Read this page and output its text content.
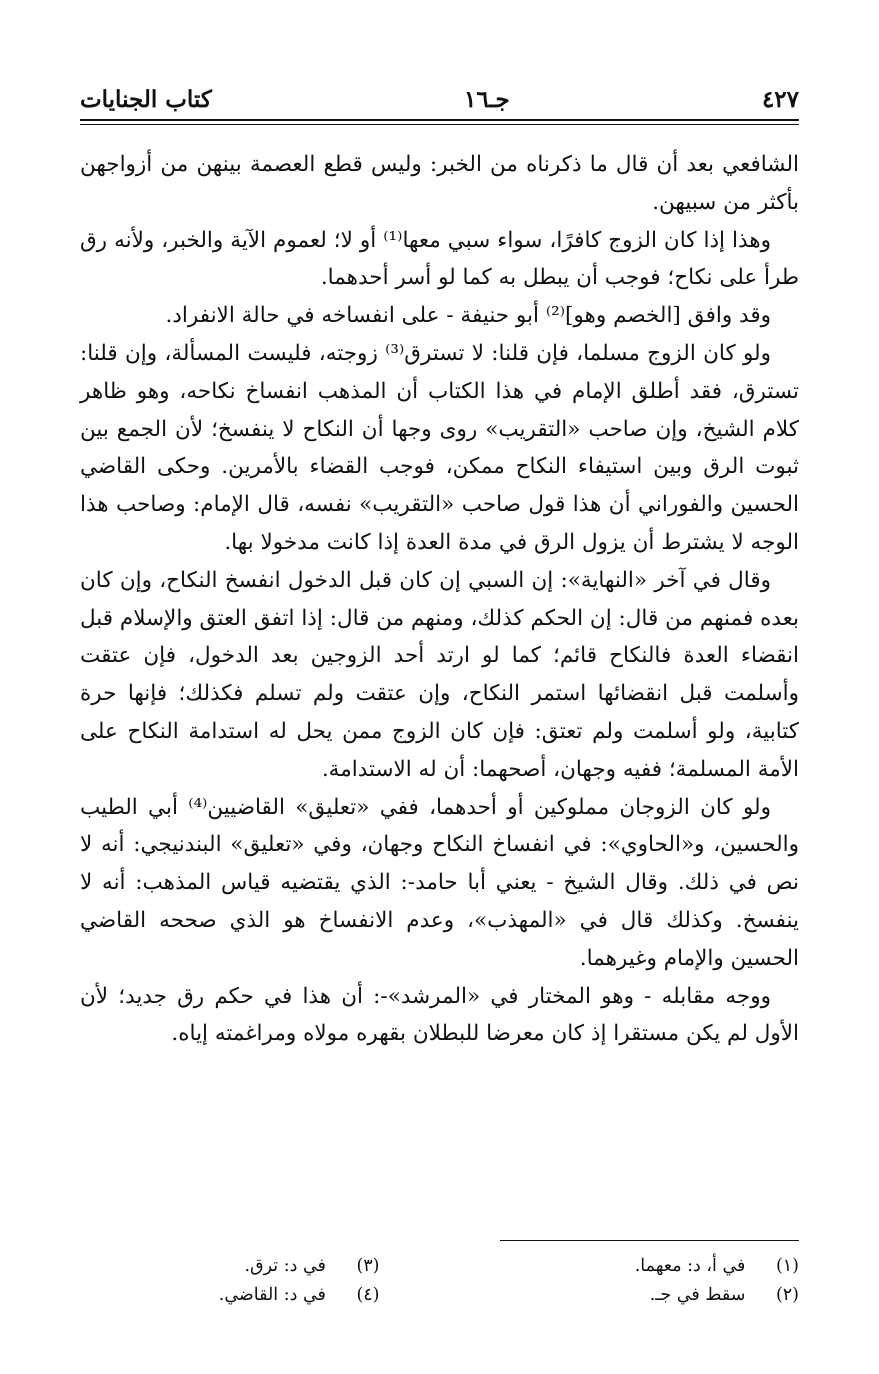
٤٢٧
جـ١٦
كتاب الجنايات

الشافعي بعد أن قال ما ذكرناه من الخبر: وليس قطع العصمة بينهن من أزواجهن بأكثر من سبيهن.

وهذا إذا كان الزوج كافرًا، سواء سبي معها⁽¹⁾ أو لا؛ لعموم الآية والخبر، ولأنه رق طرأ على نكاح؛ فوجب أن يبطل به كما لو أسر أحدهما.

وقد وافق [الخصم وهو]⁽²⁾ أبو حنيفة - على انفساخه في حالة الانفراد.

ولو كان الزوج مسلما، فإن قلنا: لا تسترق⁽³⁾ زوجته، فليست المسألة، وإن قلنا: تسترق، فقد أطلق الإمام في هذا الكتاب أن المذهب انفساخ نكاحه، وهو ظاهر كلام الشيخ، وإن صاحب «التقريب» روى وجها أن النكاح لا ينفسخ؛ لأن الجمع بين ثبوت الرق وبين استيفاء النكاح ممكن، فوجب القضاء بالأمرين. وحكى القاضي الحسين والفوراني أن هذا قول صاحب «التقريب» نفسه، قال الإمام: وصاحب هذا الوجه لا يشترط أن يزول الرق في مدة العدة إذا كانت مدخولا بها.

وقال في آخر «النهاية»: إن السبي إن كان قبل الدخول انفسخ النكاح، وإن كان بعده فمنهم من قال: إن الحكم كذلك، ومنهم من قال: إذا اتفق العتق والإسلام قبل انقضاء العدة فالنكاح قائم؛ كما لو ارتد أحد الزوجين بعد الدخول، فإن عتقت وأسلمت قبل انقضائها استمر النكاح، وإن عتقت ولم تسلم فكذلك؛ فإنها حرة كتابية، ولو أسلمت ولم تعتق: فإن كان الزوج ممن يحل له استدامة النكاح على الأمة المسلمة؛ ففيه وجهان، أصحهما: أن له الاستدامة.

ولو كان الزوجان مملوكين أو أحدهما، ففي «تعليق» القاضيين⁽⁴⁾ أبي الطيب والحسين، و«الحاوي»: في انفساخ النكاح وجهان، وفي «تعليق» البندنيجي: أنه لا نص في ذلك. وقال الشيخ - يعني أبا حامد-: الذي يقتضيه قياس المذهب: أنه لا ينفسخ. وكذلك قال في «المهذب»، وعدم الانفساخ هو الذي صححه القاضي الحسين والإمام وغيرهما.

ووجه مقابله - وهو المختار في «المرشد»-: أن هذا في حكم رق جديد؛ لأن الأول لم يكن مستقرا إذ كان معرضا للبطلان بقهره مولاه ومراغمته إياه.

(١) في أ، د: معهما.
(٢) سقط في جـ.
(٣) في د: ترق.
(٤) في د: القاضي.
